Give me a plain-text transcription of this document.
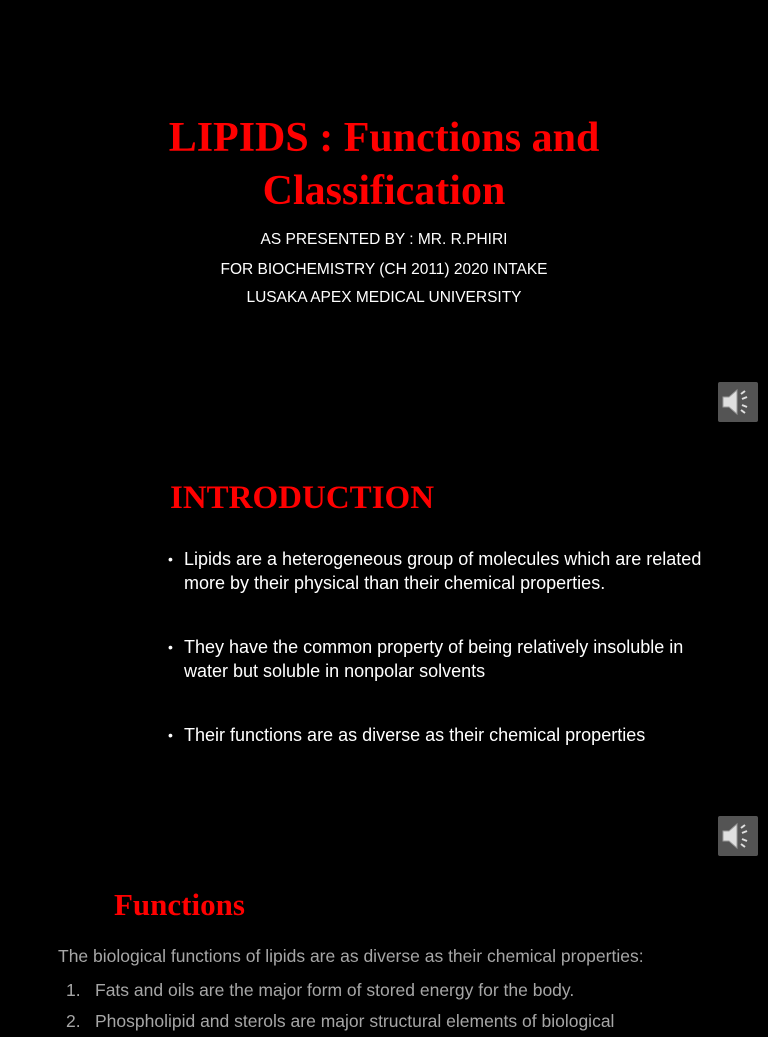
LIPIDS : Functions and
Classification
AS PRESENTED BY : MR. R.PHIRI
FOR BIOCHEMISTRY (CH 2011) 2020 INTAKE
LUSAKA APEX MEDICAL UNIVERSITY
INTRODUCTION
• Lipids are a heterogeneous group of molecules which are related more by their physical than their chemical properties.
• They have the common property of being relatively insoluble in water but soluble in nonpolar solvents
• Their functions are as diverse as their chemical properties
Functions
The biological functions of lipids are as diverse as their chemical properties:
1. Fats and oils are the major form of stored energy for the body.
2. Phospholipid and sterols are major structural elements of biological
